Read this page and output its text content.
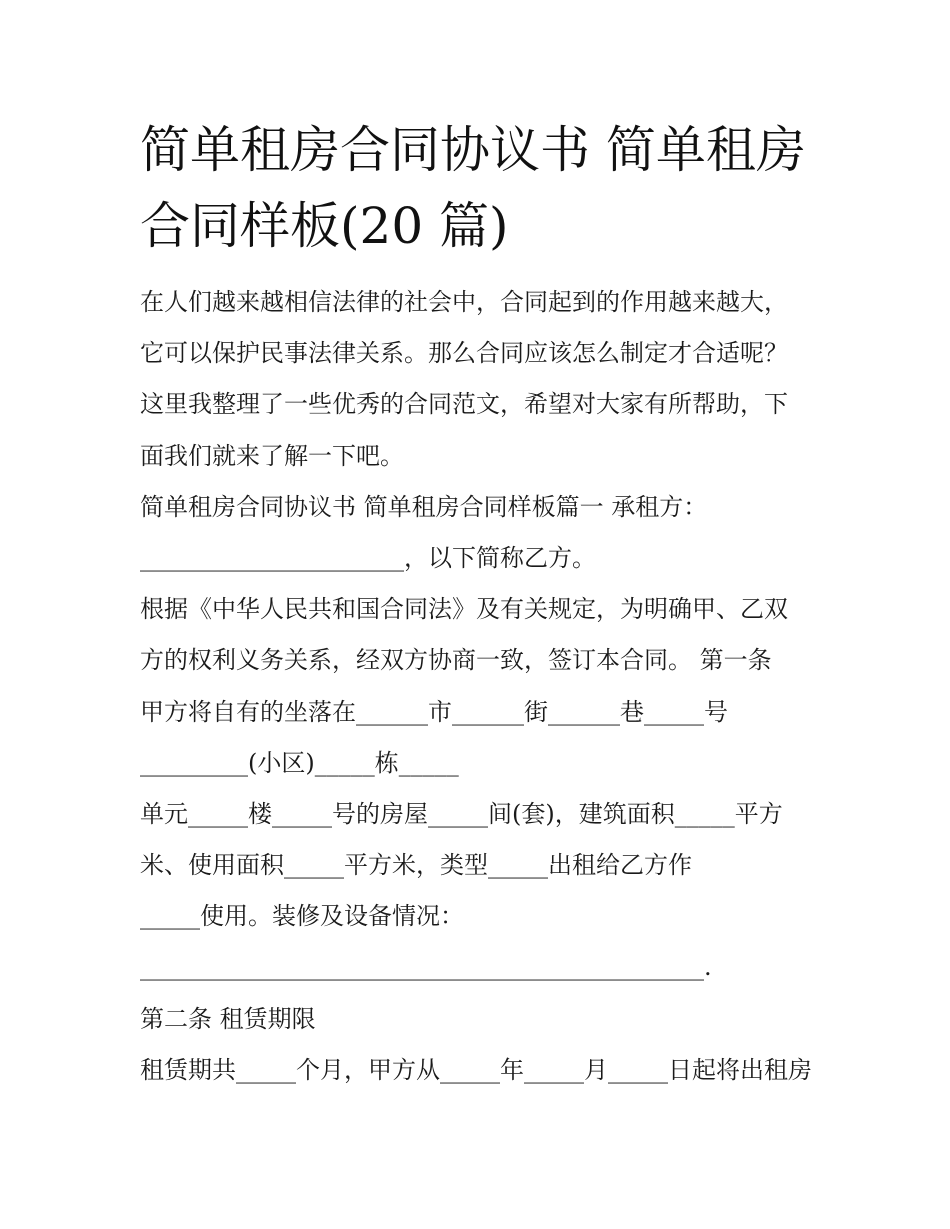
简单租房合同协议书 简单租房
合同样板(20 篇)
在人们越来越相信法律的社会中，合同起到的作用越来越大，
它可以保护民事法律关系。那么合同应该怎么制定才合适呢？
这里我整理了一些优秀的合同范文，希望对大家有所帮助，下
面我们就来了解一下吧。
简单租房合同协议书 简单租房合同样板篇一 承租方：
______________________，以下简称乙方。
根据《中华人民共和国合同法》及有关规定，为明确甲、乙双
方的权利义务关系，经双方协商一致，签订本合同。 第一条
甲方将自有的坐落在______市______街______巷_____号
_________(小区)_____栋_____
单元_____楼_____号的房屋_____间(套)，建筑面积_____平方
米、使用面积_____平方米，类型_____出租给乙方作
_____使用。装修及设备情况：
_______________________________________________.
第二条 租赁期限
租赁期共_____个月，甲方从_____年_____月_____日起将出租房
